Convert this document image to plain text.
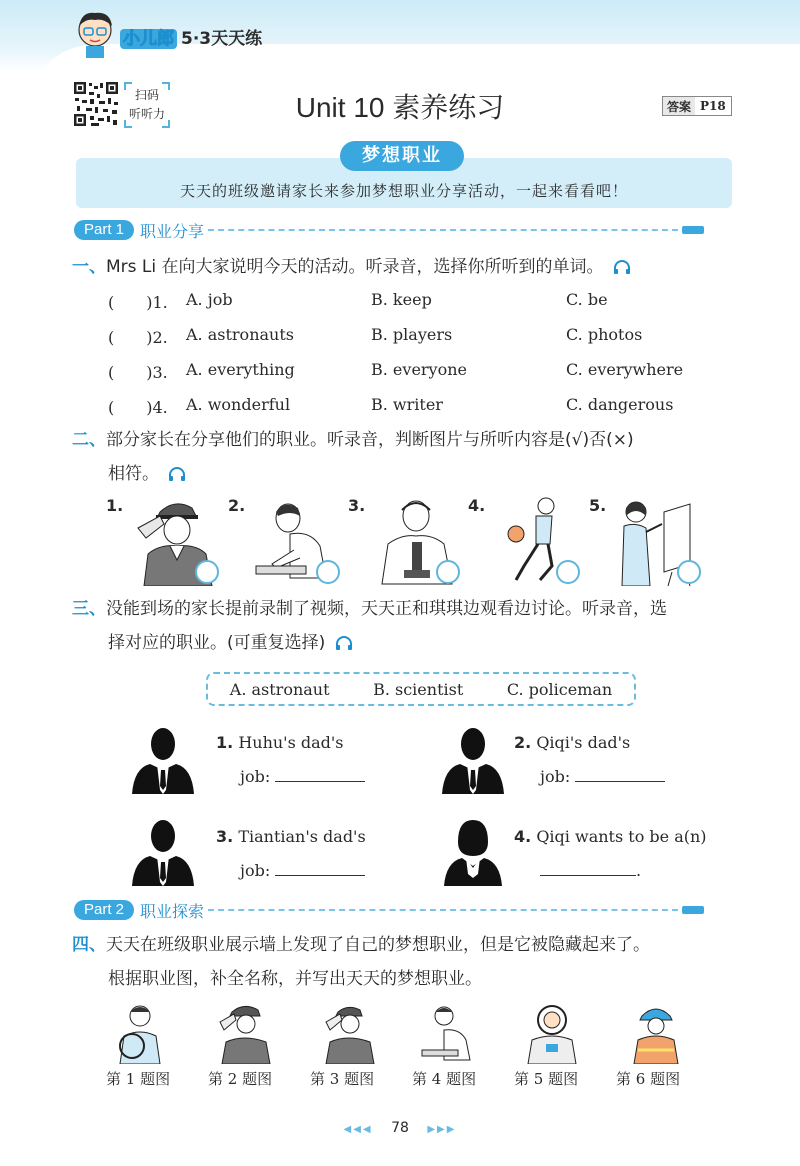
小儿郎 5·3天天练
扫码
听听力	Unit 10 素养练习	答案 P18
梦想职业
天天的班级邀请家长来参加梦想职业分享活动，一起来看看吧！
Part 1	职业分享
一、Mrs Li 在向大家说明今天的活动。听录音，选择你所听到的单词。
(　　)1. A. job	B. keep	C. be
(　　)2. A. astronauts	B. players	C. photos
(　　)3. A. everything	B. everyone	C. everywhere
(　　)4. A. wonderful	B. writer	C. dangerous
二、部分家长在分享他们的职业。听录音，判断图片与所听内容是(√)否(×)
相符。
1.	2.	3.	4.	5.
三、没能到场的家长提前录制了视频，天天正和琪琪边观看边讨论。听录音，选
择对应的职业。(可重复选择)
A. astronaut	B. scientist	C. policeman
1. Huhu's dad's
job:
2. Qiqi's dad's
job:
3. Tiantian's dad's
job:
4. Qiqi wants to be a(n)
.
Part 2	职业探索
四、天天在班级职业展示墙上发现了自己的梦想职业，但是它被隐藏起来了。
根据职业图，补全名称，并写出天天的梦想职业。
第 1 题图	第 2 题图	第 3 题图	第 4 题图	第 5 题图	第 6 题图
◀◀◀ 78 ▶▶▶
